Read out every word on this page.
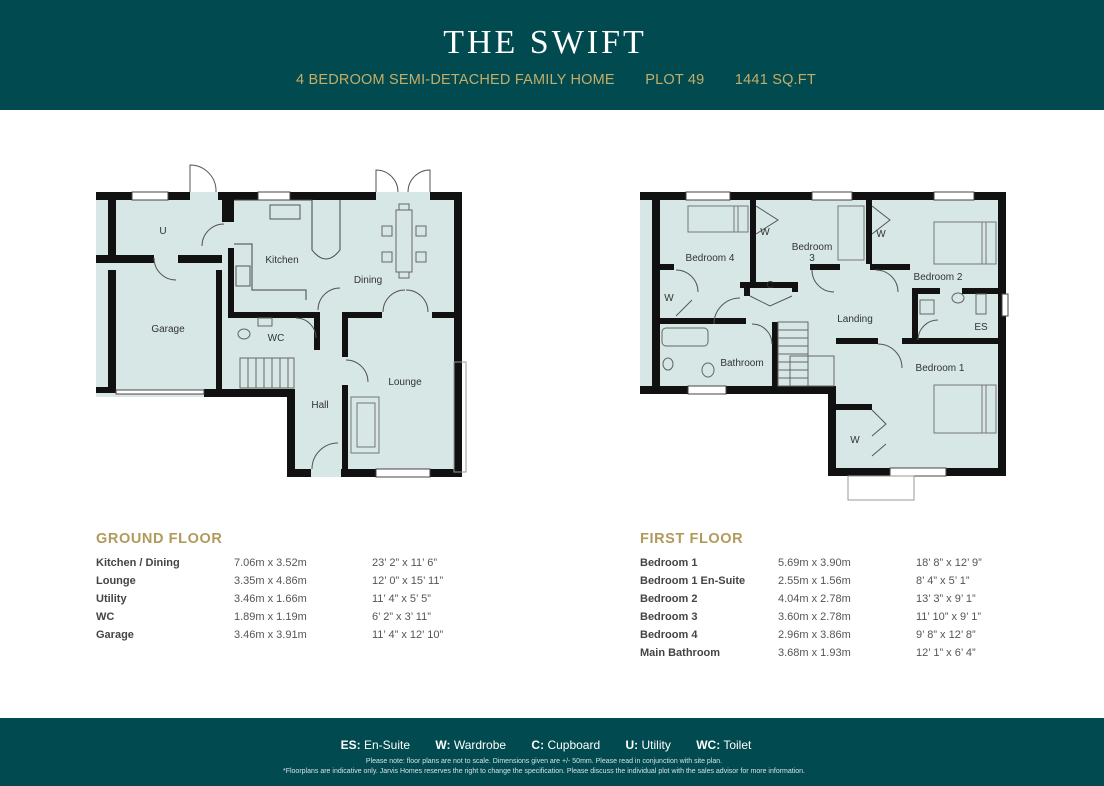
THE SWIFT
4 BEDROOM SEMI-DETACHED FAMILY HOME PLOT 49 1441 SQ.FT
U
Kitchen
Dining
Garage
WC
Hall
Lounge
Bedroom 4
Bedroom
3
Bedroom 2
W	W
W
W
C
Landing
ES
Bathroom	Bedroom 1
GROUND FLOOR
Kitchen / Dining	7.06m x 3.52m	23’ 2” x 11’ 6”
Lounge	3.35m x 4.86m	12’ 0” x 15’ 11”
Utility	3.46m x 1.66m	11’ 4” x 5’ 5”
WC	1.89m x 1.19m	6’ 2” x 3’ 11”
Garage	3.46m x 3.91m	11’ 4” x 12’ 10”
FIRST FLOOR
Bedroom 1	5.69m x 3.90m	18’ 8” x 12’ 9”
Bedroom 1 En-Suite	2.55m x 1.56m	8’ 4” x 5’ 1”
Bedroom 2	4.04m x 2.78m	13’ 3” x 9’ 1”
Bedroom 3	3.60m x 2.78m	11’ 10” x 9’ 1”
Bedroom 4	2.96m x 3.86m	9’ 8” x 12’ 8”
Main Bathroom	3.68m x 1.93m	12’ 1” x 6’ 4”
ES: En-Suite W: Wardrobe C: Cupboard U: Utility WC: Toilet
Please note: floor plans are not to scale. Dimensions given are +/- 50mm. Please read in conjunction with site plan.
*Floorplans are indicative only. Jarvis Homes reserves the right to change the specification. Please discuss the individual plot with the sales advisor for more information.
